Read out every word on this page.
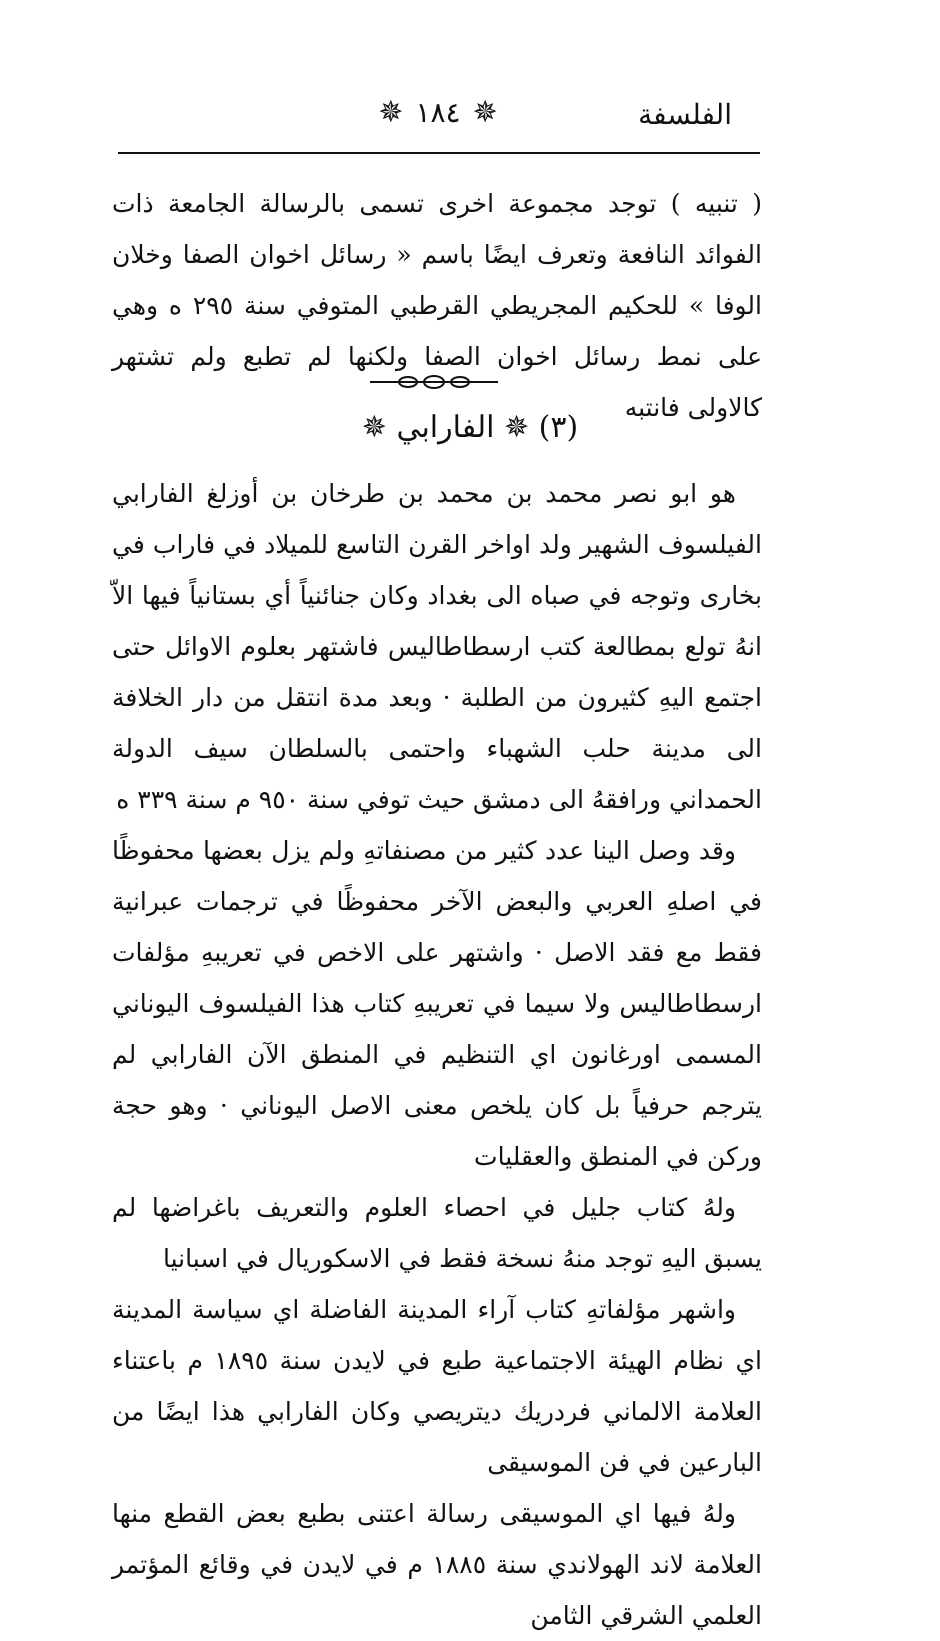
الفلسفة
✵
١٨٤
✵
( تنبيه ) توجد مجموعة اخرى تسمى بالرسالة الجامعة ذات الفوائد النافعة وتعرف ايضًا باسم « رسائل اخوان الصفا وخلان الوفا » للحكيم المجريطي القرطبي المتوفي سنة ٢٩٥ ه وهي على نمط رسائل اخوان الصفا ولكنها لم تطبع ولم تشتهر كالاولى فانتبه
(٣) ✵ الفارابي ✵

هو ابو نصر محمد بن محمد بن طرخان بن أوزلغ الفارابي الفيلسوف الشهير ولد اواخر القرن التاسع للميلاد في فاراب في بخارى وتوجه في صباه الى بغداد وكان جنائنياً أي بستانياً فيها الاّ انهُ تولع بمطالعة كتب ارسطاطاليس فاشتهر بعلوم الاوائل حتى اجتمع اليهِ كثيرون من الطلبة · وبعد مدة انتقل من دار الخلافة الى مدينة حلب الشهباء واحتمى بالسلطان سيف الدولة الحمداني ورافقهُ الى دمشق حيث توفي سنة ٩٥٠ م سنة ٣٣٩ ه

وقد وصل الينا عدد كثير من مصنفاتهِ ولم يزل بعضها محفوظًا في اصلهِ العربي والبعض الآخر محفوظًا في ترجمات عبرانية فقط مع فقد الاصل · واشتهر على الاخص في تعريبهِ مؤلفات ارسطاطاليس ولا سيما في تعريبهِ كتاب هذا الفيلسوف اليوناني المسمى اورغانون اي التنظيم في المنطق الآن الفارابي لم يترجم حرفياً بل كان يلخص معنى الاصل اليوناني · وهو حجة وركن في المنطق والعقليات

ولهُ كتاب جليل في احصاء العلوم والتعريف باغراضها لم يسبق اليهِ توجد منهُ نسخة فقط في الاسكوريال في اسبانيا

واشهر مؤلفاتهِ كتاب آراء المدينة الفاضلة اي سياسة المدينة اي نظام الهيئة الاجتماعية طبع في لايدن سنة ١٨٩٥ م باعتناء العلامة الالماني فردريك ديتريصي وكان الفارابي هذا ايضًا من البارعين في فن الموسيقى

ولهُ فيها اي الموسيقى رسالة اعتنى بطبع بعض القطع منها العلامة لاند الهولاندي سنة ١٨٨٥ م في لايدن في وقائع المؤتمر العلمي الشرقي الثامن
